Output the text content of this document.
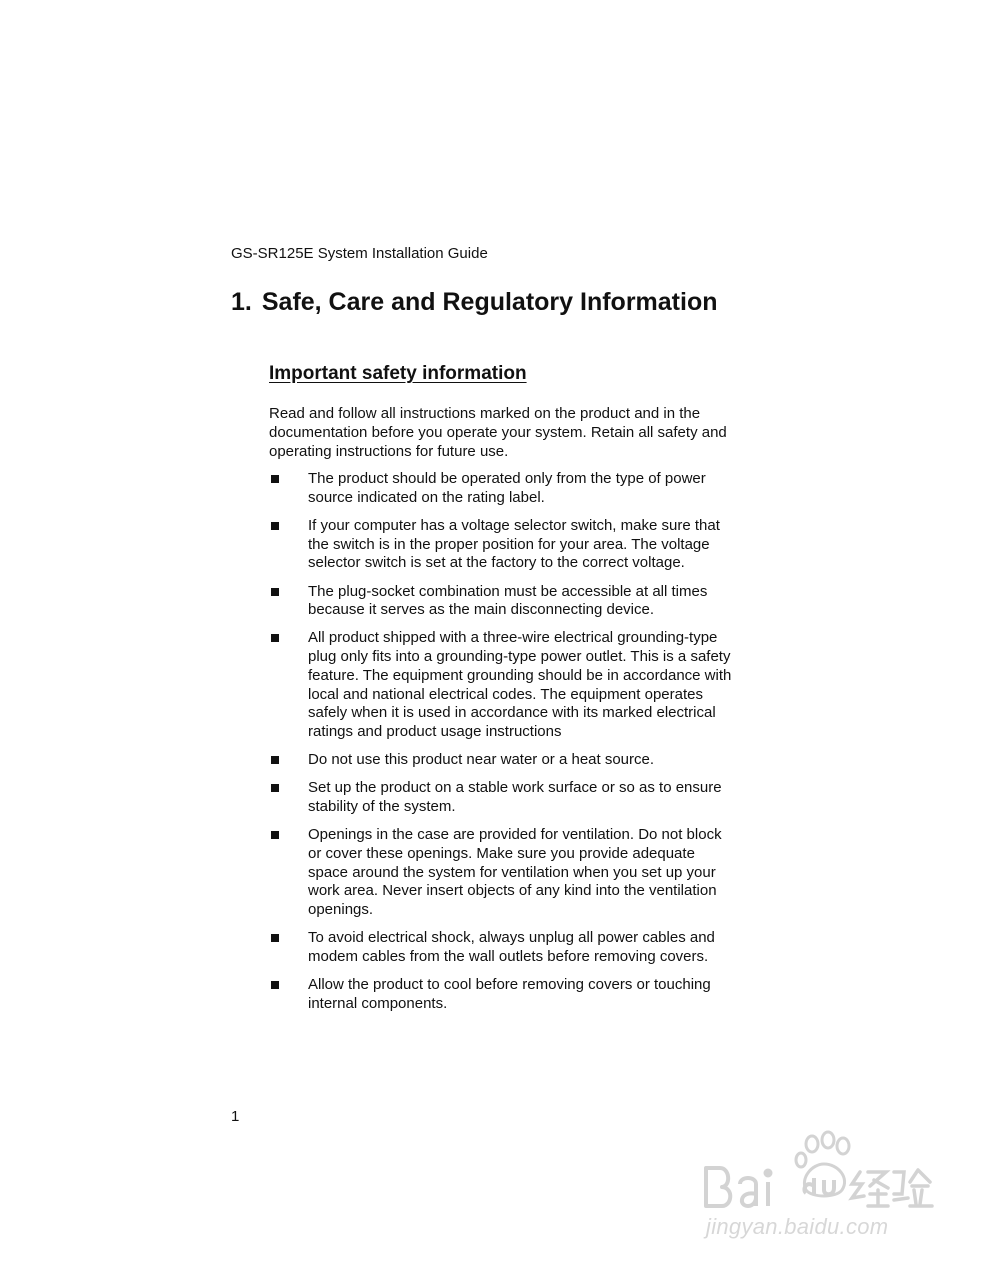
GS-SR125E System Installation Guide
1. Safe, Care and Regulatory Information
Important safety information

Read and follow all instructions marked on the product and in the documentation before you operate your system. Retain all safety and operating instructions for future use.

The product should be operated only from the type of power source indicated on the rating label.
If your computer has a voltage selector switch, make sure that the switch is in the proper position for your area. The voltage selector switch is set at the factory to the correct voltage.
The plug-socket combination must be accessible at all times because it serves as the main disconnecting device.
All product shipped with a three-wire electrical grounding-type plug only fits into a grounding-type power outlet. This is a safety feature. The equipment grounding should be in accordance with local and national electrical codes. The equipment operates safely when it is used in accordance with its marked electrical ratings and product usage instructions
Do not use this product near water or a heat source.
Set up the product on a stable work surface or so as to ensure stability of the system.
Openings in the case are provided for ventilation. Do not block or cover these openings. Make sure you provide adequate space around the system for ventilation when you set up your work area. Never insert objects of any kind into the ventilation openings.
To avoid electrical shock, always unplug all power cables and modem cables from the wall outlets before removing covers.
Allow the product to cool before removing covers or touching internal components.
1
jingyan.baidu.com
